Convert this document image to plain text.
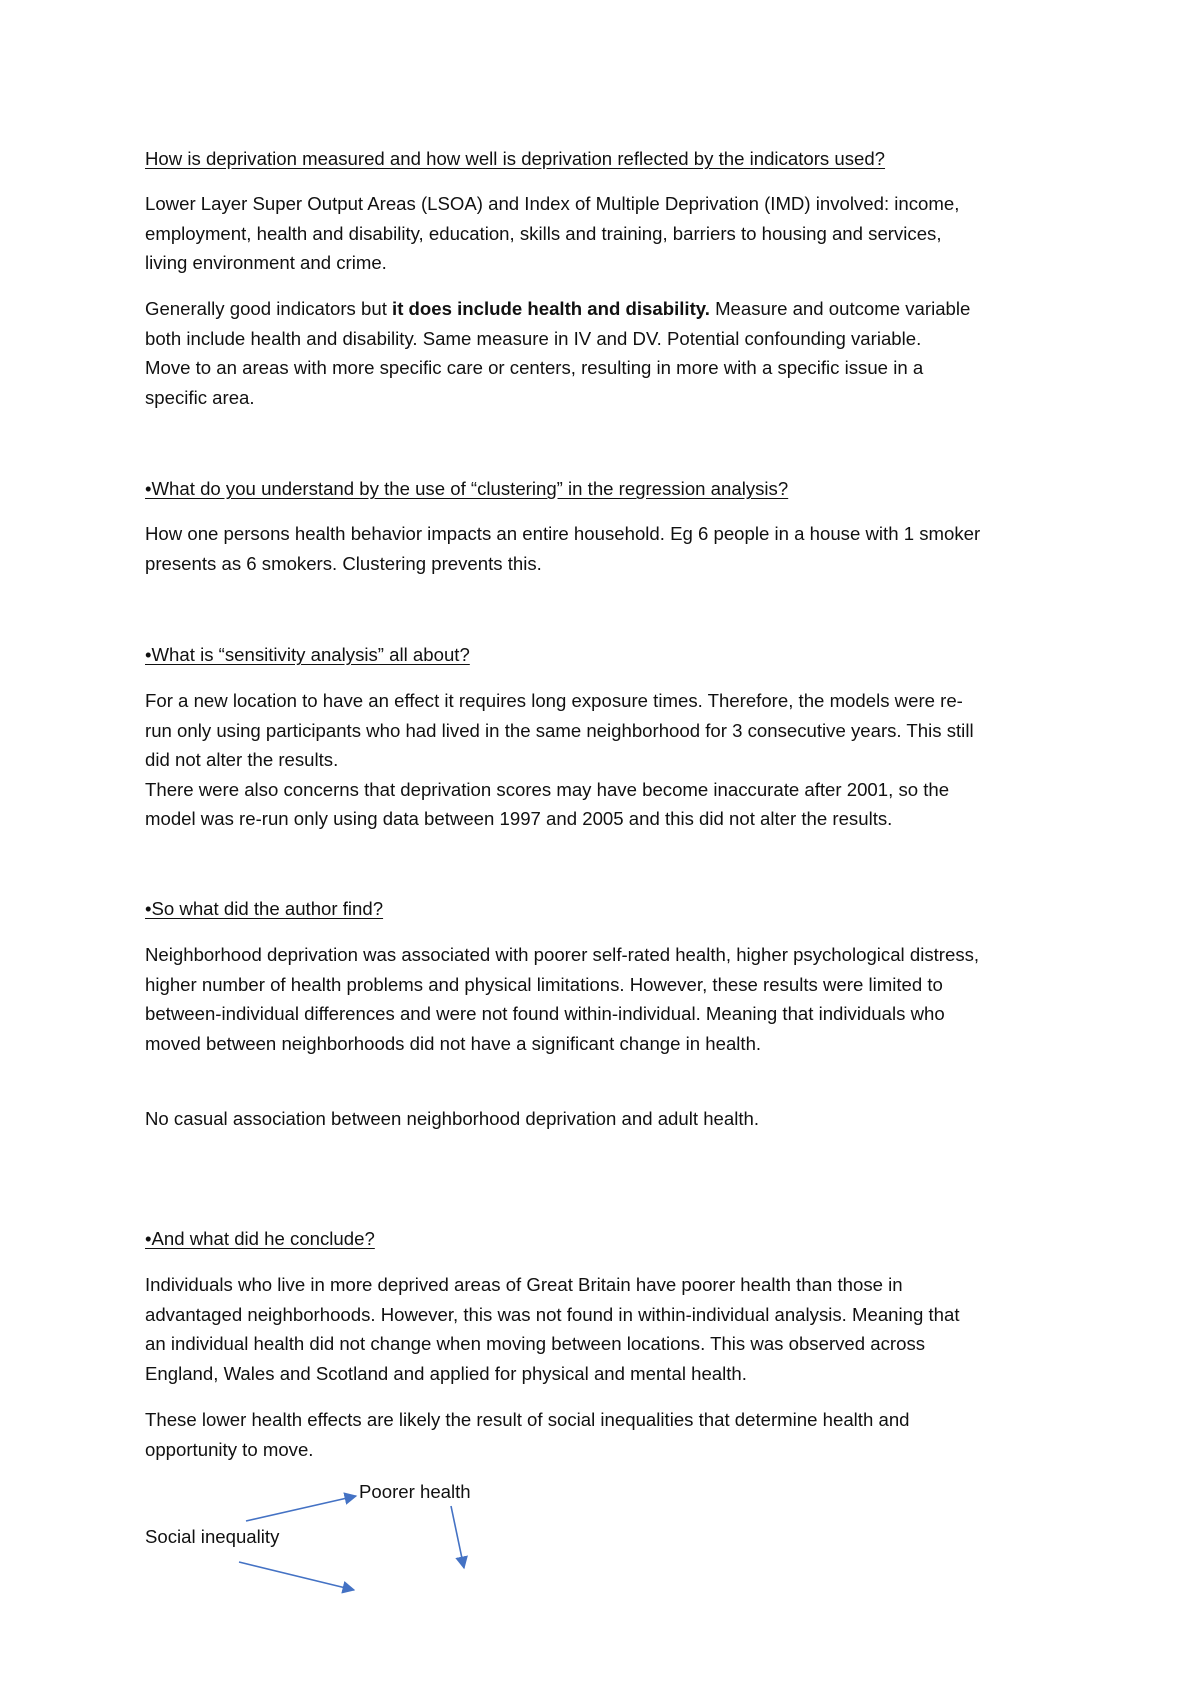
How is deprivation measured and how well is deprivation reflected by the indicators used?
Lower Layer Super Output Areas (LSOA) and Index of Multiple Deprivation (IMD) involved: income,
employment, health and disability, education, skills and training, barriers to housing and services,
living environment and crime.
Generally good indicators but it does include health and disability. Measure and outcome variable
both include health and disability. Same measure in IV and DV. Potential confounding variable.
Move to an areas with more specific care or centers, resulting in more with a specific issue in a
specific area.
•What do you understand by the use of “clustering” in the regression analysis?
How one persons health behavior impacts an entire household. Eg 6 people in a house with 1 smoker
presents as 6 smokers. Clustering prevents this.
•What is “sensitivity analysis” all about?
For a new location to have an effect it requires long exposure times. Therefore, the models were re-
run only using participants who had lived in the same neighborhood for 3 consecutive years. This still
did not alter the results.
There were also concerns that deprivation scores may have become inaccurate after 2001, so the
model was re-run only using data between 1997 and 2005 and this did not alter the results.
•So what did the author find?
Neighborhood deprivation was associated with poorer self-rated health, higher psychological distress,
higher number of health problems and physical limitations. However, these results were limited to
between-individual differences and were not found within-individual. Meaning that individuals who
moved between neighborhoods did not have a significant change in health.
No casual association between neighborhood deprivation and adult health.
•And what did he conclude?
Individuals who live in more deprived areas of Great Britain have poorer health than those in
advantaged neighborhoods. However, this was not found in within-individual analysis. Meaning that
an individual health did not change when moving between locations. This was observed across
England, Wales and Scotland and applied for physical and mental health.
These lower health effects are likely the result of social inequalities that determine health and
opportunity to move.
Poorer health
Social inequality
